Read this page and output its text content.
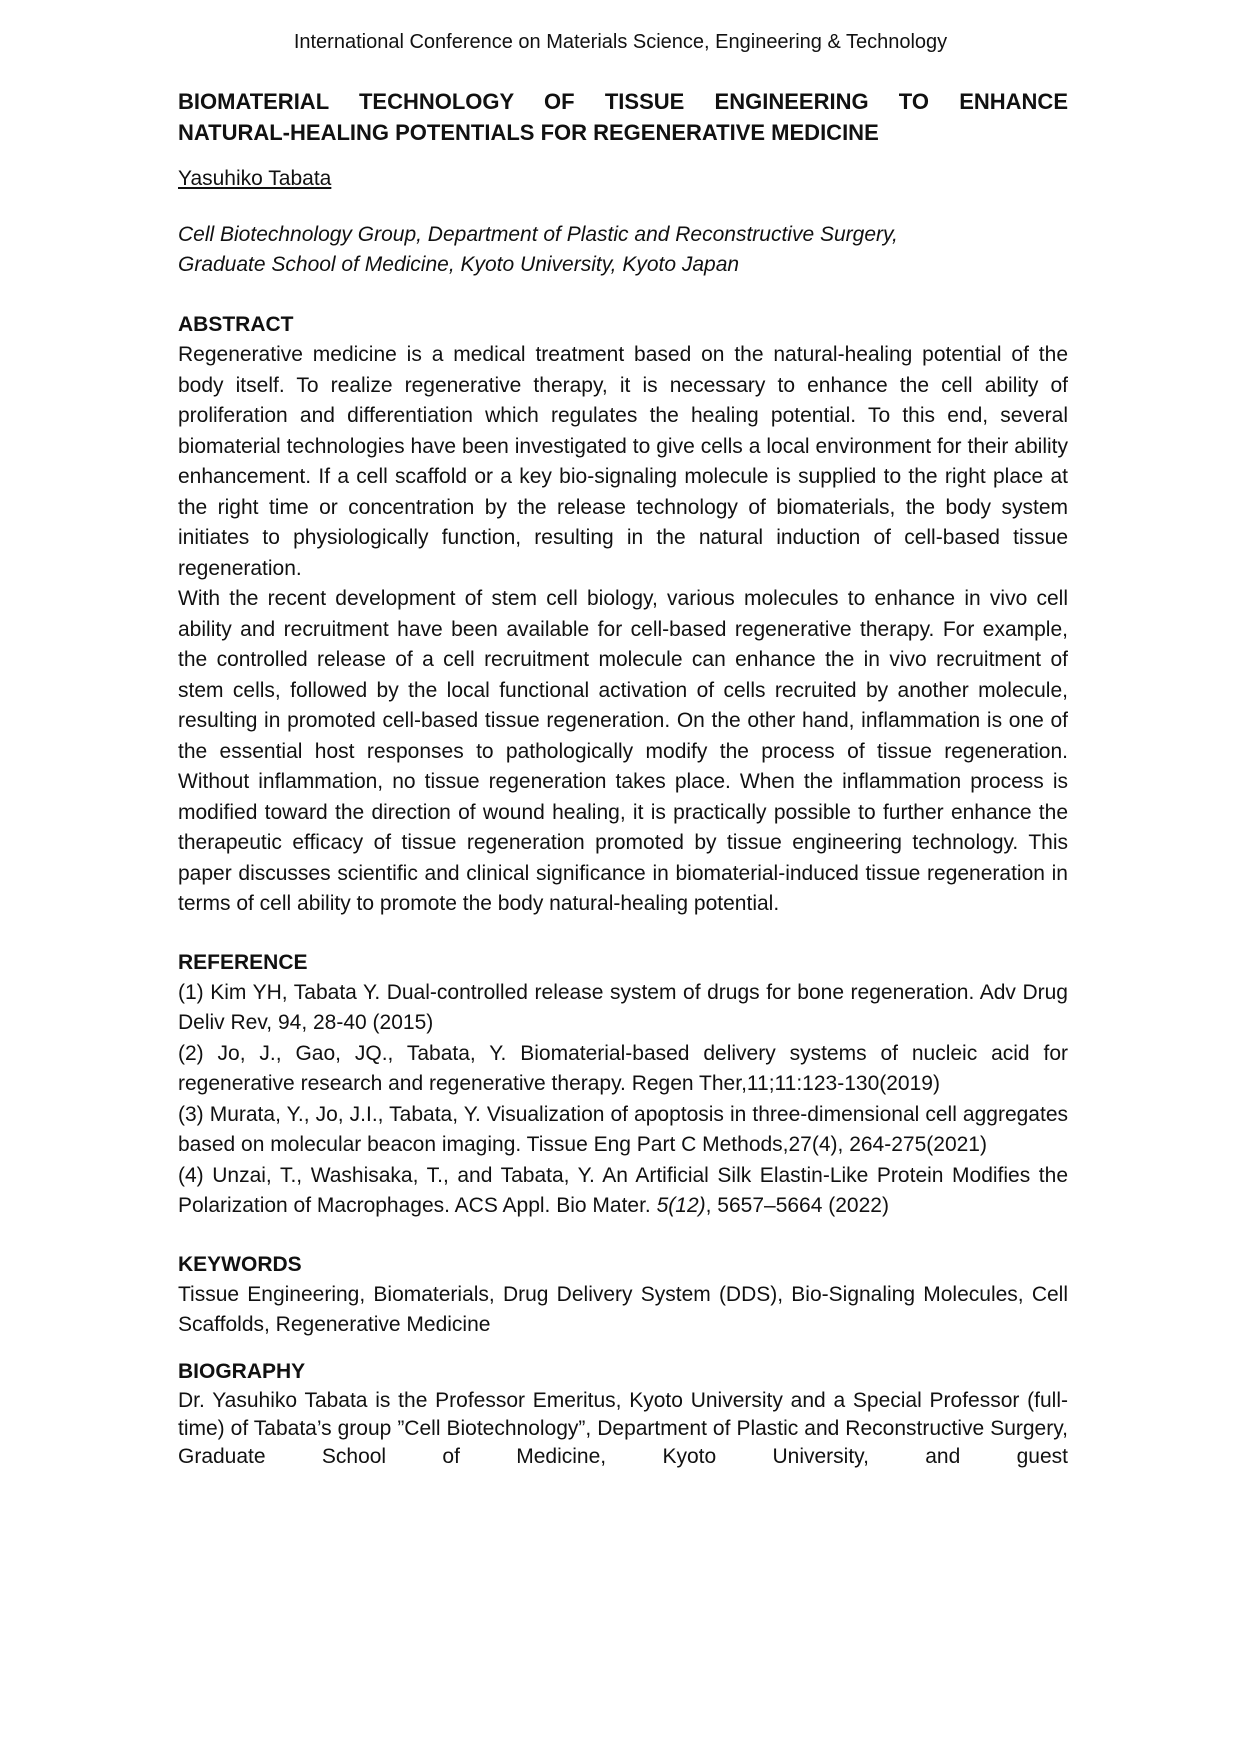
International Conference on Materials Science, Engineering & Technology
BIOMATERIAL TECHNOLOGY OF TISSUE ENGINEERING TO ENHANCE
NATURAL-HEALING POTENTIALS FOR REGENERATIVE MEDICINE

Yasuhiko Tabata

Cell Biotechnology Group, Department of Plastic and Reconstructive Surgery,
Graduate School of Medicine, Kyoto University, Kyoto Japan

ABSTRACT

Regenerative medicine is a medical treatment based on the natural-healing potential of the body itself. To realize regenerative therapy, it is necessary to enhance the cell ability of proliferation and differentiation which regulates the healing potential. To this end, several biomaterial technologies have been investigated to give cells a local environment for their ability enhancement. If a cell scaffold or a key bio-signaling molecule is supplied to the right place at the right time or concentration by the release technology of biomaterials, the body system initiates to physiologically function, resulting in the natural induction of cell-based tissue regeneration.

With the recent development of stem cell biology, various molecules to enhance in vivo cell ability and recruitment have been available for cell-based regenerative therapy. For example, the controlled release of a cell recruitment molecule can enhance the in vivo recruitment of stem cells, followed by the local functional activation of cells recruited by another molecule, resulting in promoted cell-based tissue regeneration. On the other hand, inflammation is one of the essential host responses to pathologically modify the process of tissue regeneration. Without inflammation, no tissue regeneration takes place. When the inflammation process is modified toward the direction of wound healing, it is practically possible to further enhance the therapeutic efficacy of tissue regeneration promoted by tissue engineering technology. This paper discusses scientific and clinical significance in biomaterial-induced tissue regeneration in terms of cell ability to promote the body natural-healing potential.

REFERENCE

(1) Kim YH, Tabata Y. Dual-controlled release system of drugs for bone regeneration. Adv Drug Deliv Rev, 94, 28-40 (2015)

(2) Jo, J., Gao, JQ., Tabata, Y. Biomaterial-based delivery systems of nucleic acid for regenerative research and regenerative therapy. Regen Ther,11;11:123-130(2019)

(3) Murata, Y., Jo, J.I., Tabata, Y. Visualization of apoptosis in three-dimensional cell aggregates based on molecular beacon imaging. Tissue Eng Part C Methods,27(4), 264-275(2021)

(4) Unzai, T., Washisaka, T., and Tabata, Y. An Artificial Silk Elastin-Like Protein Modifies the Polarization of Macrophages. ACS Appl. Bio Mater. 5(12), 5657–5664 (2022)

KEYWORDS

Tissue Engineering, Biomaterials, Drug Delivery System (DDS), Bio-Signaling Molecules, Cell Scaffolds, Regenerative Medicine

BIOGRAPHY

Dr. Yasuhiko Tabata is the Professor Emeritus, Kyoto University and a Special Professor (full-time) of Tabata’s group ”Cell Biotechnology”, Department of Plastic and Reconstructive Surgery, Graduate School of Medicine, Kyoto University, and guest
